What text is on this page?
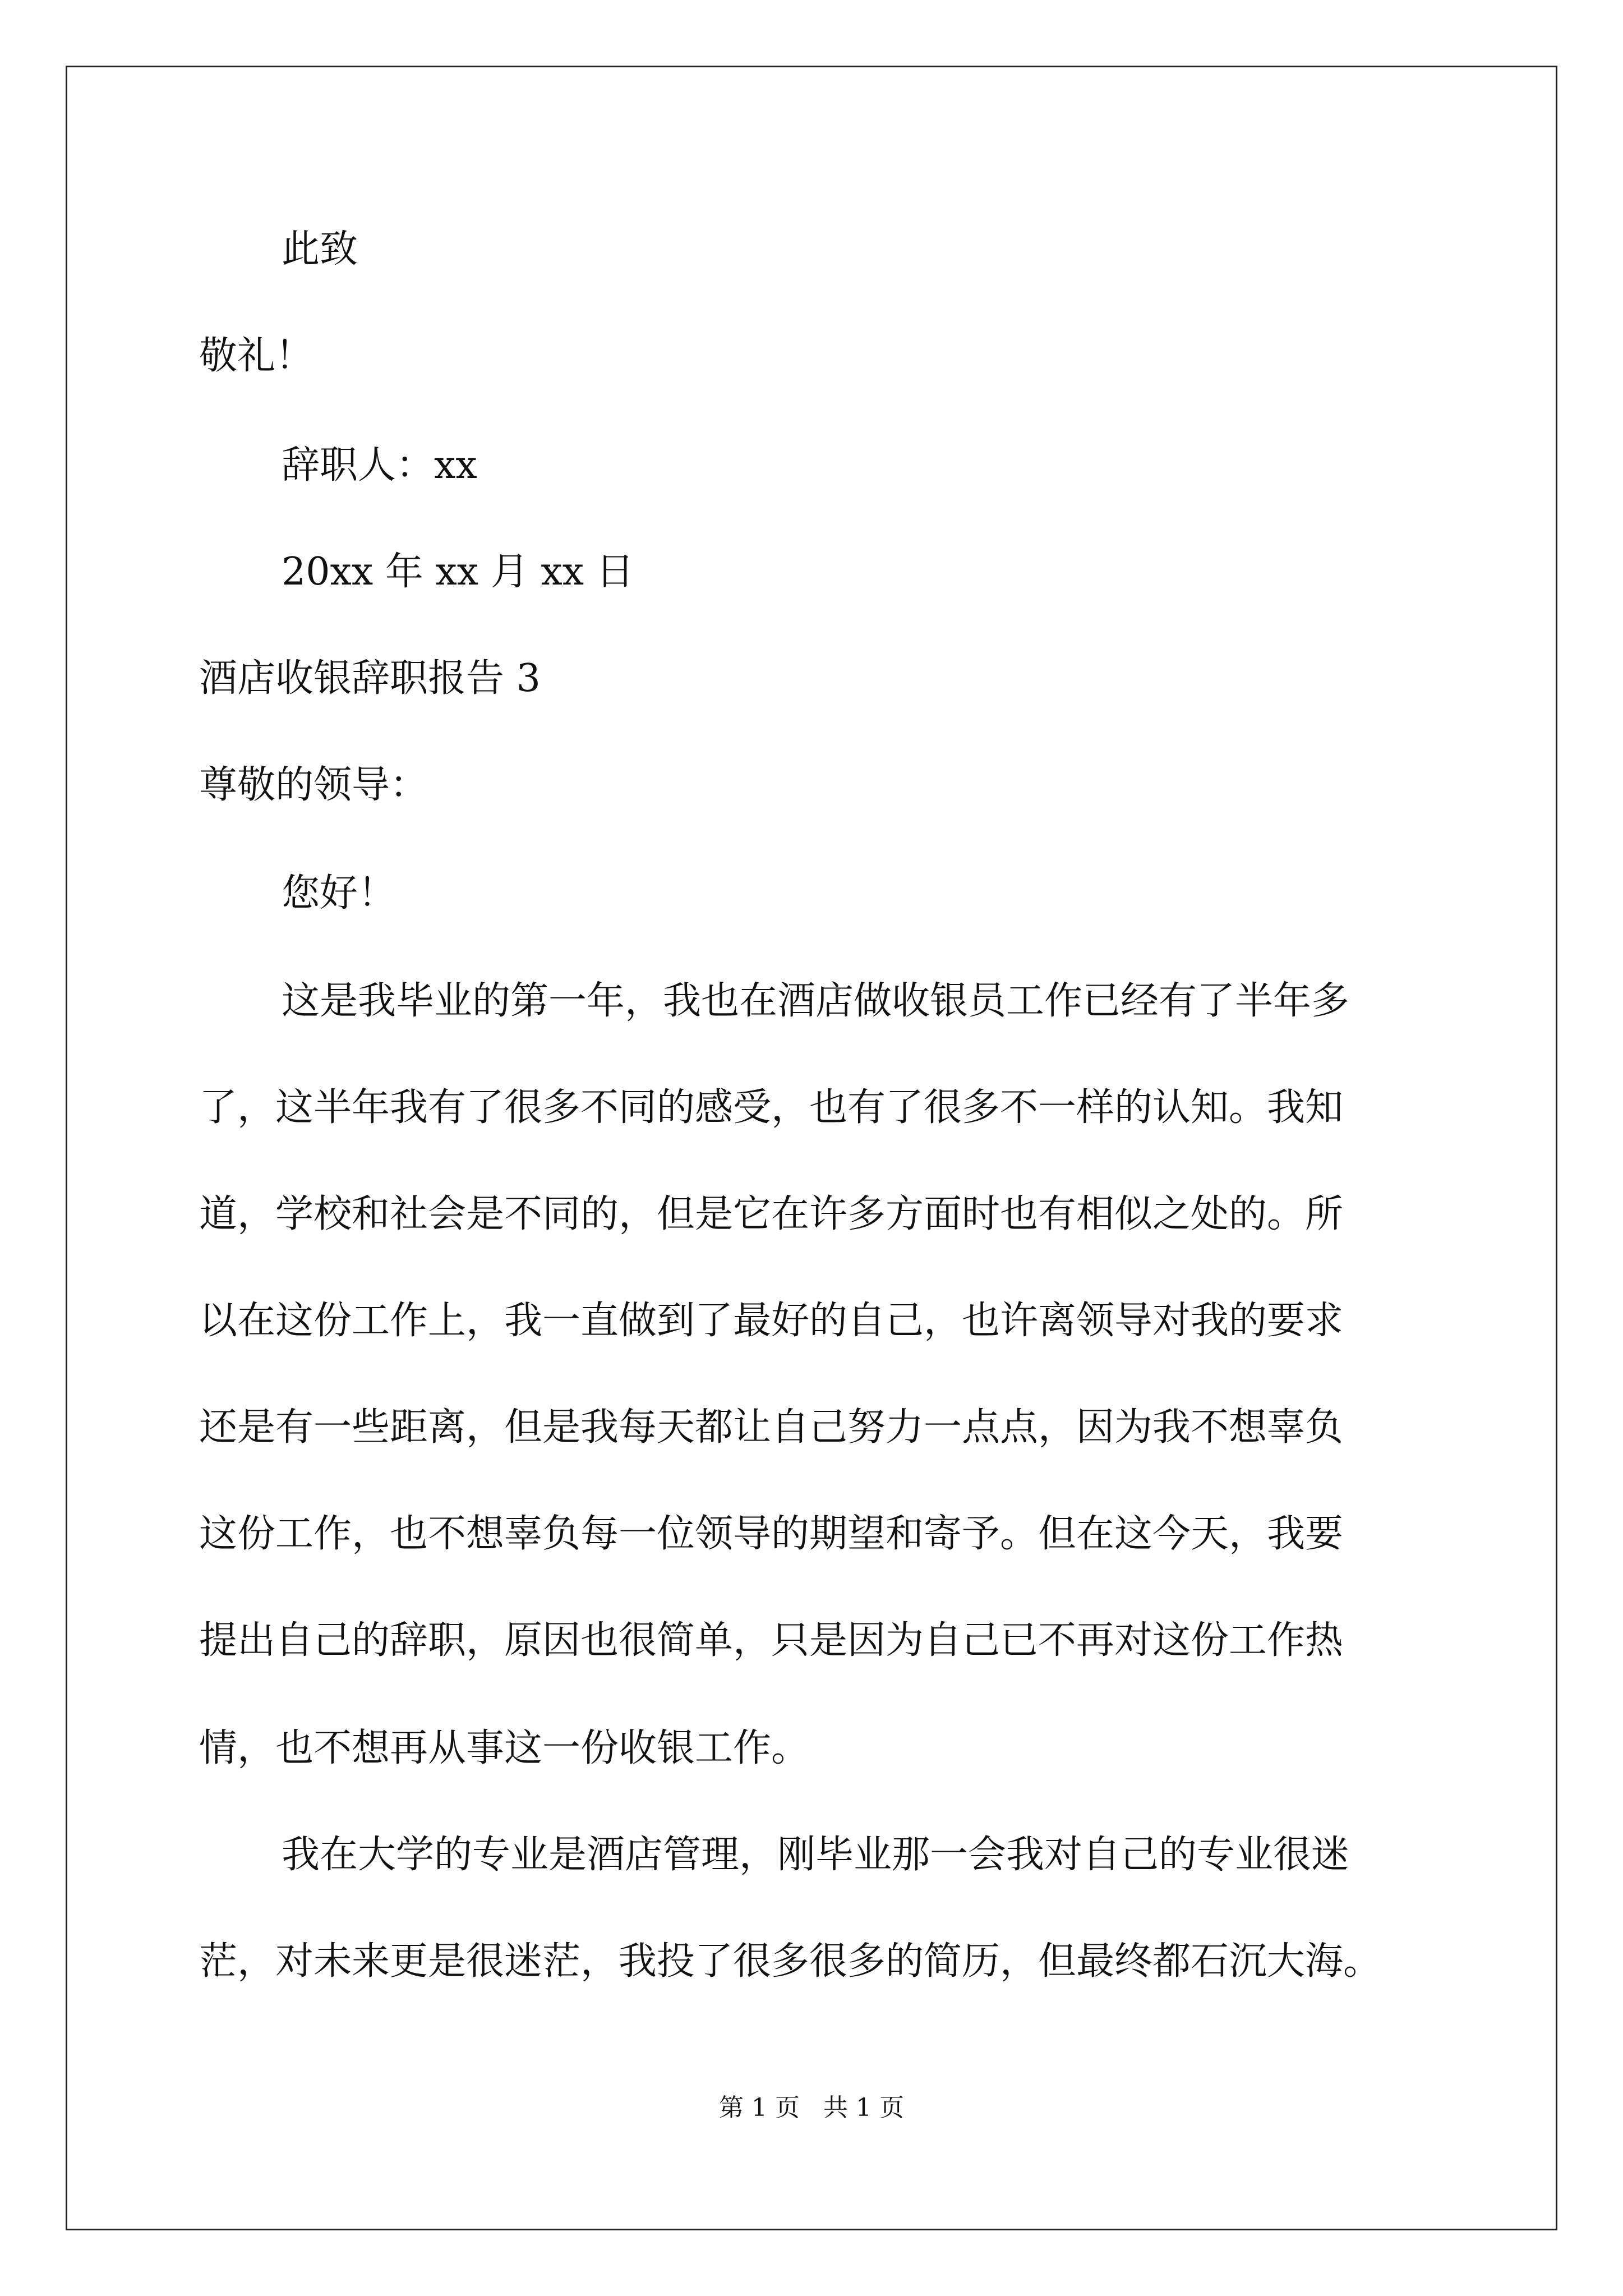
此致
敬礼！
辞职人：xx
20xx 年 xx 月 xx 日
酒店收银辞职报告 3
尊敬的领导：
您好！
这是我毕业的第一年，我也在酒店做收银员工作已经有了半年多
了，这半年我有了很多不同的感受，也有了很多不一样的认知。我知
道，学校和社会是不同的，但是它在许多方面时也有相似之处的。所
以在这份工作上，我一直做到了最好的自己，也许离领导对我的要求
还是有一些距离，但是我每天都让自己努力一点点，因为我不想辜负
这份工作，也不想辜负每一位领导的期望和寄予。但在这今天，我要
提出自己的辞职，原因也很简单，只是因为自己已不再对这份工作热
情，也不想再从事这一份收银工作。
我在大学的专业是酒店管理，刚毕业那一会我对自己的专业很迷
茫，对未来更是很迷茫，我投了很多很多的简历，但最终都石沉大海。
第 1 页   共 1 页
